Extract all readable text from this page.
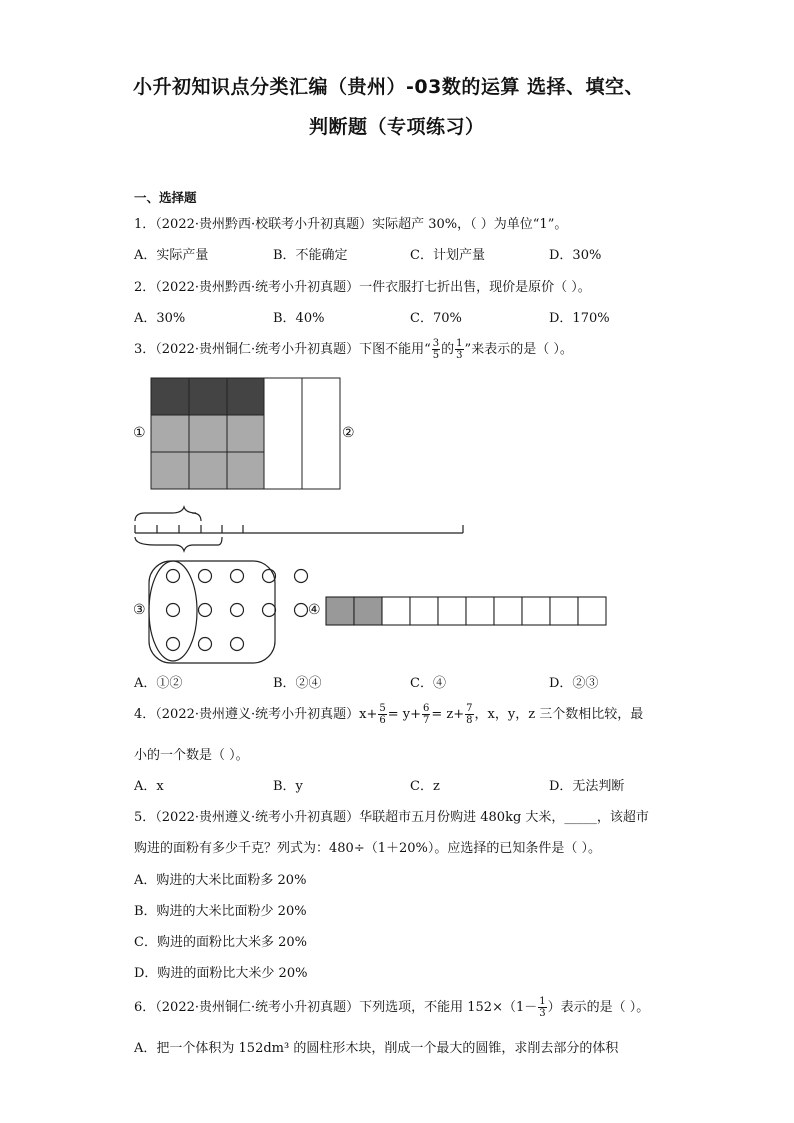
小升初知识点分类汇编（贵州）-03数的运算 选择、填空、
判断题（专项练习）
一、选择题
1．（2022·贵州黔西·校联考小升初真题）实际超产 30%，（ ）为单位“1”。
A．实际产量	B．不能确定	C．计划产量	D．30%
2．（2022·贵州黔西·统考小升初真题）一件衣服打七折出售，现价是原价（ ）。
A．30%	B．40%	C．70%	D．170%
3．（2022·贵州铜仁·统考小升初真题）下图不能用“ $\frac{3}{5}$ 的 $\frac{1}{3}$ ”来表示的是（ ）。
①	②
③	④
A．①②	B．②④	C．④	D．②③
4．（2022·贵州遵义·统考小升初真题）$x+ \frac{5}{6} = y+ \frac{6}{7} = z+ \frac{7}{8}$ ，x，y，z 三个数相比较，最
小的一个数是（ ）。
A．x	B．y	C．z	D．无法判断
5．（2022·贵州遵义·统考小升初真题）华联超市五月份购进 480kg 大米，_____，该超市
购进的面粉有多少千克？列式为：480÷（1＋20%）。应选择的已知条件是（ ）。
A．购进的大米比面粉多 20%
B．购进的大米比面粉少 20%
C．购进的面粉比大米多 20%
D．购进的面粉比大米少 20%
6．（2022·贵州铜仁·统考小升初真题）下列选项，不能用 $152\times(1- \frac{1}{3}$ ）表示的是（ ）。
A．把一个体积为 152dm³ 的圆柱形木块，削成一个最大的圆锥，求削去部分的体积
